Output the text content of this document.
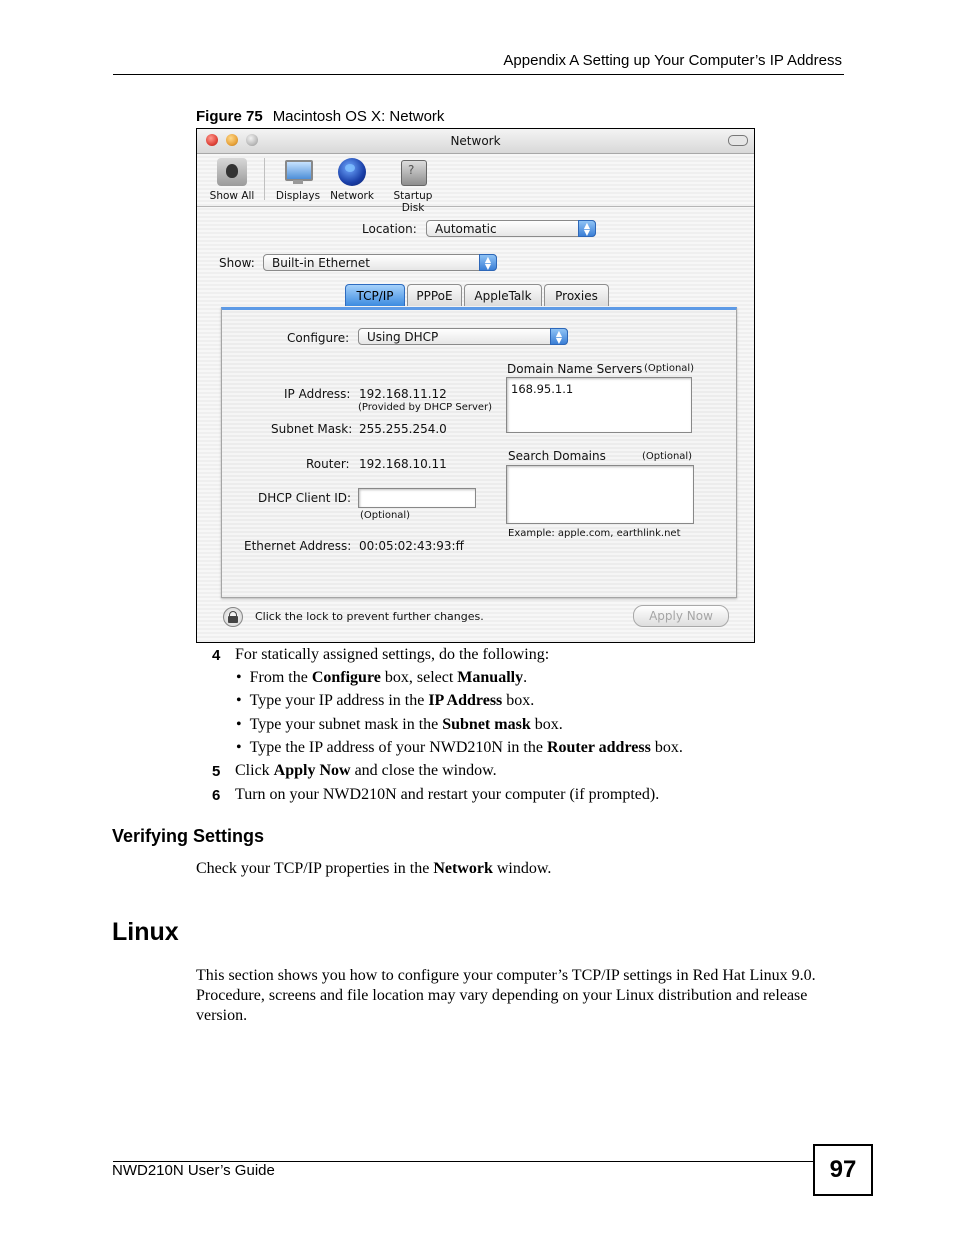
Appendix A Setting up Your Computer’s IP Address
Figure 75 Macintosh OS X: Network
Network
Show All Displays Network
?
Startup Disk
Location:	Automatic	▲
▼
Show:	Built-in Ethernet	▲
▼
TCP/IP	PPPoE	AppleTalk	Proxies
Configure:	Using DHCP	▲
▼
IP Address: 192.168.11.12
(Provided by DHCP Server)
Subnet Mask: 255.255.254.0
Router: 192.168.10.11
DHCP Client ID:
(Optional)
Ethernet Address: 00:05:02:43:93:ff
Domain Name Servers (Optional)
168.95.1.1
Search Domains	(Optional)
Example: apple.com, earthlink.net
Click the lock to prevent further changes.	Apply Now
4 For statically assigned settings, do the following:
•  From the Configure box, select Manually.
•  Type your IP address in the IP Address box.
•  Type your subnet mask in the Subnet mask box.
•  Type the IP address of your NWD210N in the Router address box.
5 Click Apply Now and close the window.
6 Turn on your NWD210N and restart your computer (if prompted).
Verifying Settings
Check your TCP/IP properties in the Network window.
Linux
This section shows you how to configure your computer’s TCP/IP settings in Red Hat Linux 9.0. Procedure, screens and file location may vary depending on your Linux distribution and release version.
NWD210N User’s Guide	97
